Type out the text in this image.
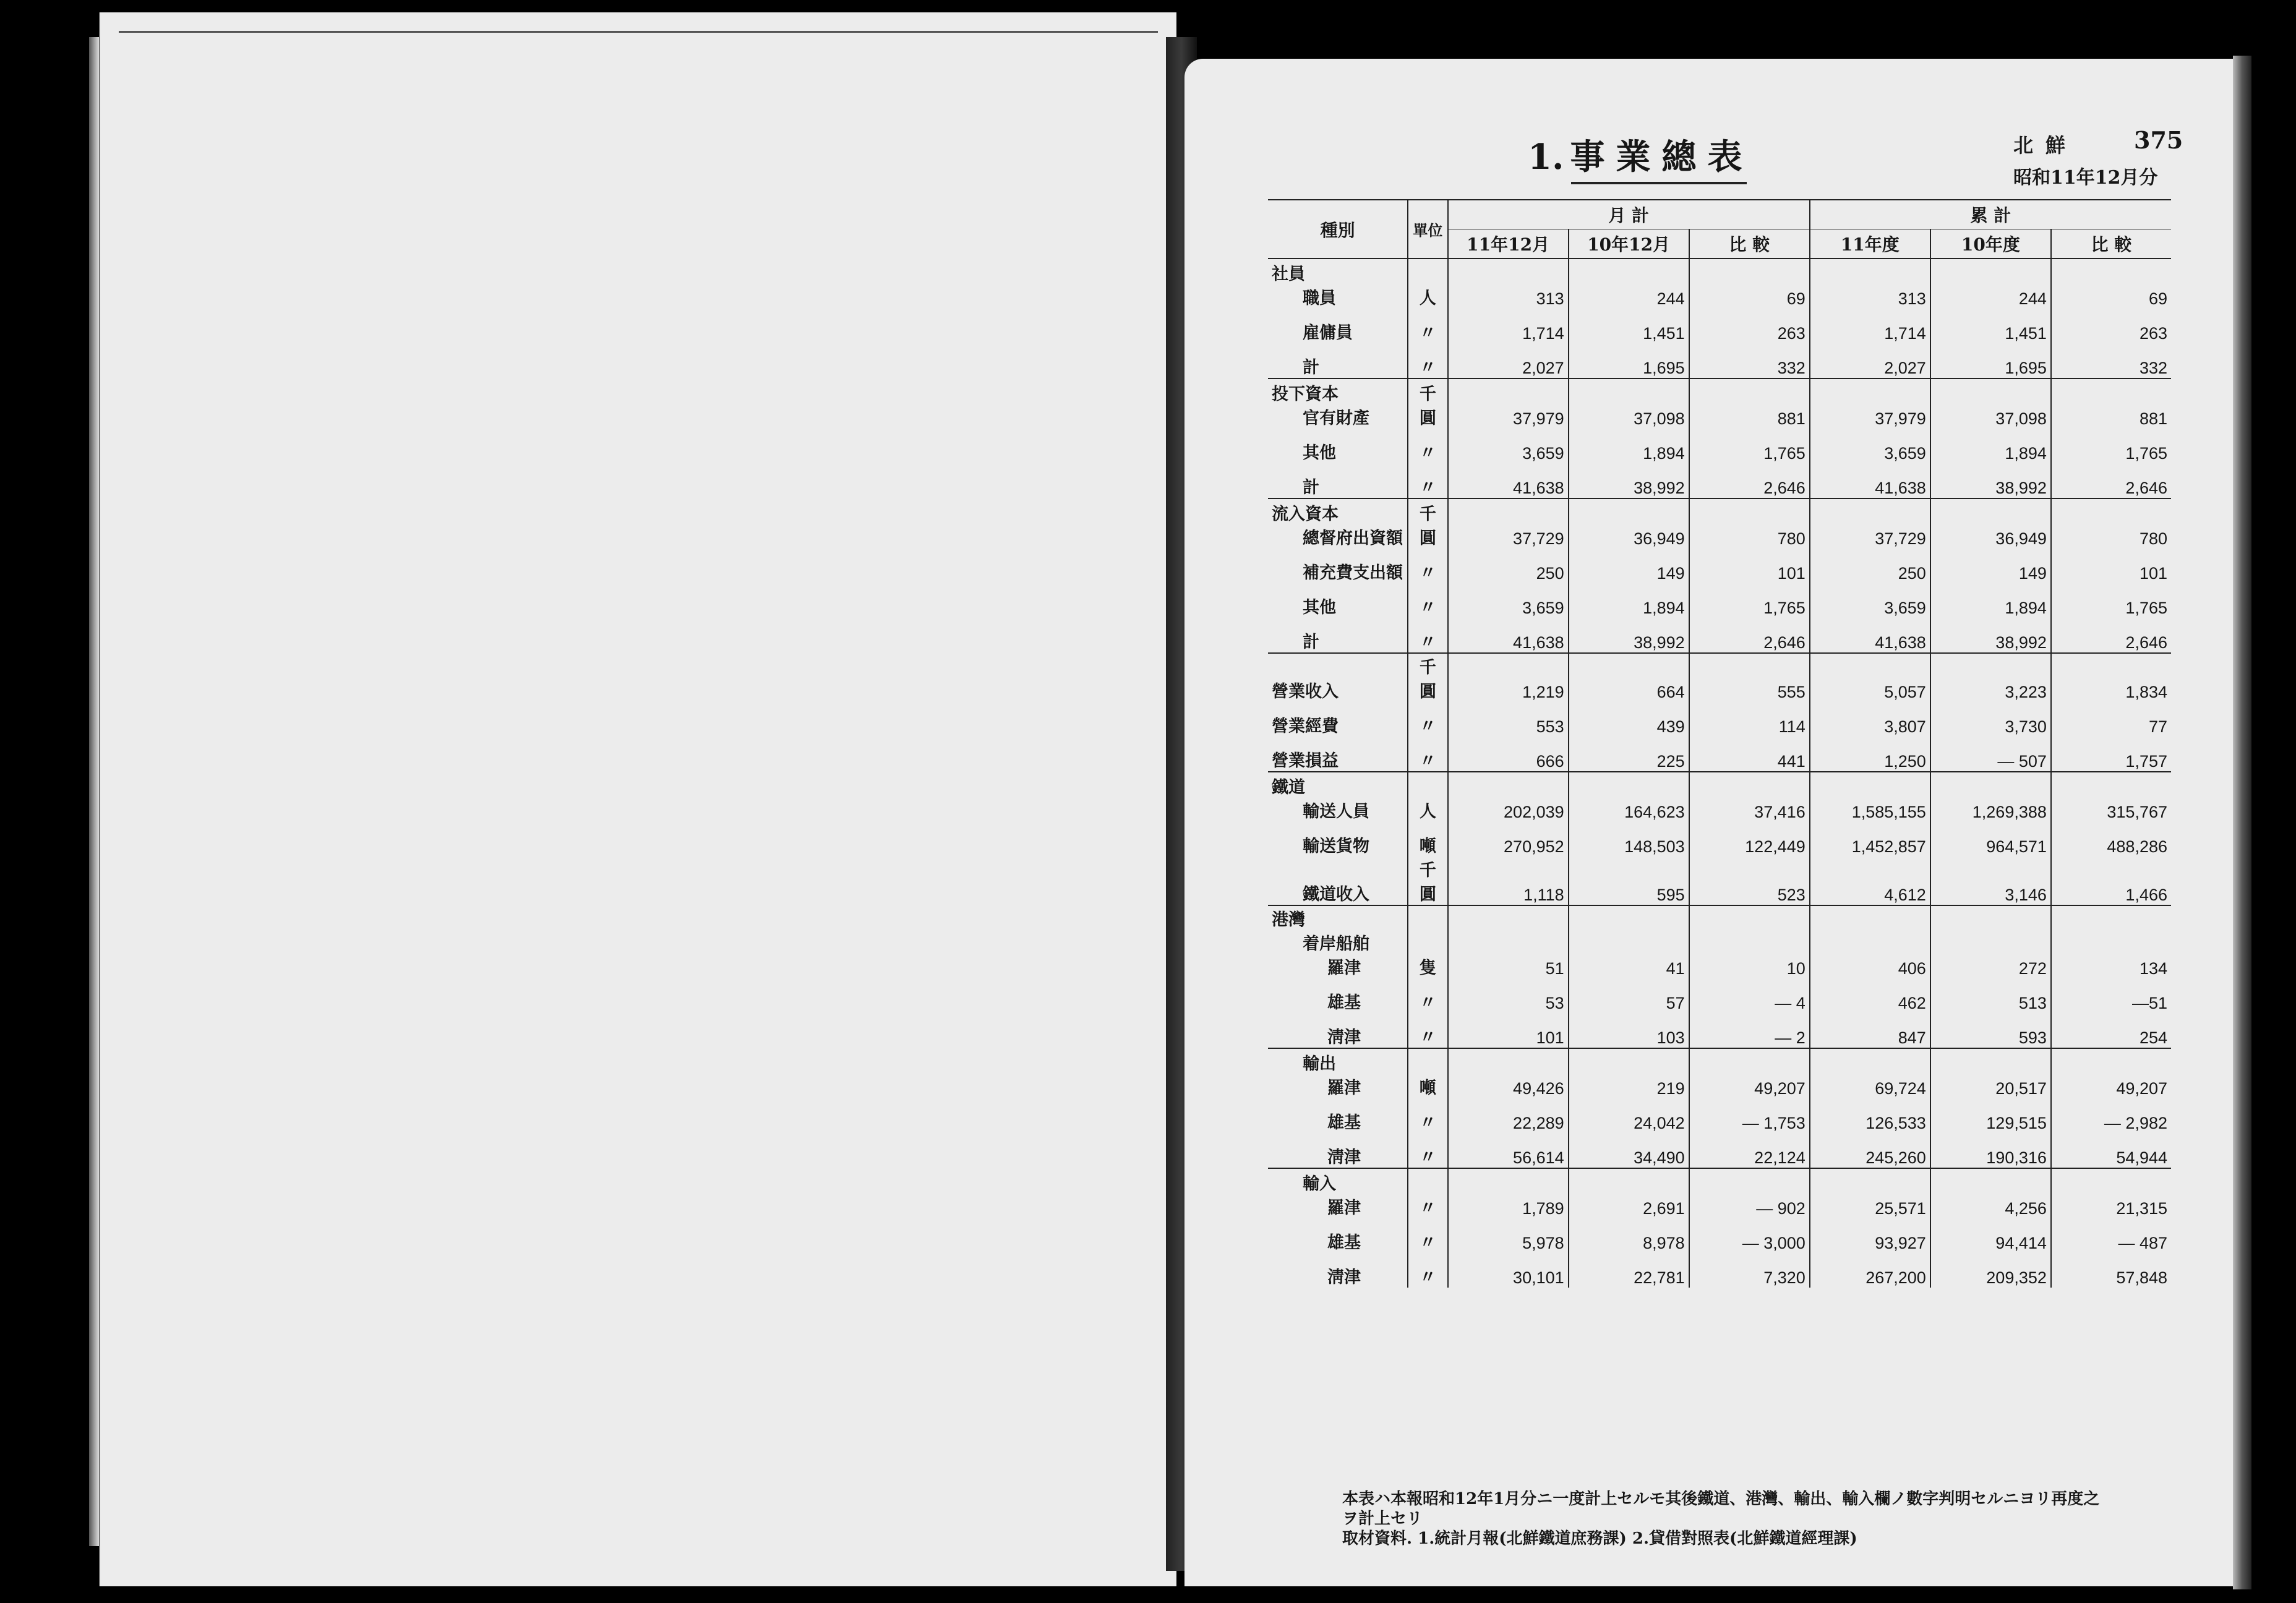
1. 事業總表	北鮮 375
昭和11年12月分
種別	單位	月 計			累 計		
		11年12月	10年12月	比 較	11年度	10年度	比 較

社員
職員	人	313	244	69	313	244	69

雇傭員	〃	1,714	1,451	263	1,714	1,451	263

計	〃	2,027	1,695	332	2,027	1,695	332

投下資本
官有財產	千圓	37,979	37,098	881	37,979	37,098	881

其他	〃	3,659	1,894	1,765	3,659	1,894	1,765

計	〃	41,638	38,992	2,646	41,638	38,992	2,646

流入資本
總督府出資額	千圓	37,729	36,949	780	37,729	36,949	780

補充費支出額	〃	250	149	101	250	149	101

其他	〃	3,659	1,894	1,765	3,659	1,894	1,765

計	〃	41,638	38,992	2,646	41,638	38,992	2,646

營業收入	千圓	1,219	664	555	5,057	3,223	1,834

營業經費	〃	553	439	114	3,807	3,730	77

營業損益	〃	666	225	441	1,250	— 507	1,757

鐵道
輸送人員	人	202,039	164,623	37,416	1,585,155	1,269,388	315,767

輸送貨物	噸	270,952	148,503	122,449	1,452,857	964,571	488,286

鐵道收入	千圓	1,118	595	523	4,612	3,146	1,466

港灣
着岸船舶
羅津	隻	51	41	10	406	272	134

雄基	〃	53	57	— 4	462	513	—51

淸津	〃	101	103	— 2	847	593	254

輸出
羅津	噸	49,426	219	49,207	69,724	20,517	49,207

雄基	〃	22,289	24,042	— 1,753	126,533	129,515	— 2,982

淸津	〃	56,614	34,490	22,124	245,260	190,316	54,944

輸入
羅津	〃	1,789	2,691	— 902	25,571	4,256	21,315

雄基	〃	5,978	8,978	— 3,000	93,927	94,414	— 487

淸津	〃	30,101	22,781	7,320	267,200	209,352	57,848
本表ハ本報昭和12年1月分ニ一度計上セルモ其後鐵道、港灣、輸出、輸入欄ノ數字判明セルニヨリ再度之
ヲ計上セリ
取材資料. 1.統計月報(北鮮鐵道庶務課) 2.貸借對照表(北鮮鐵道經理課)
